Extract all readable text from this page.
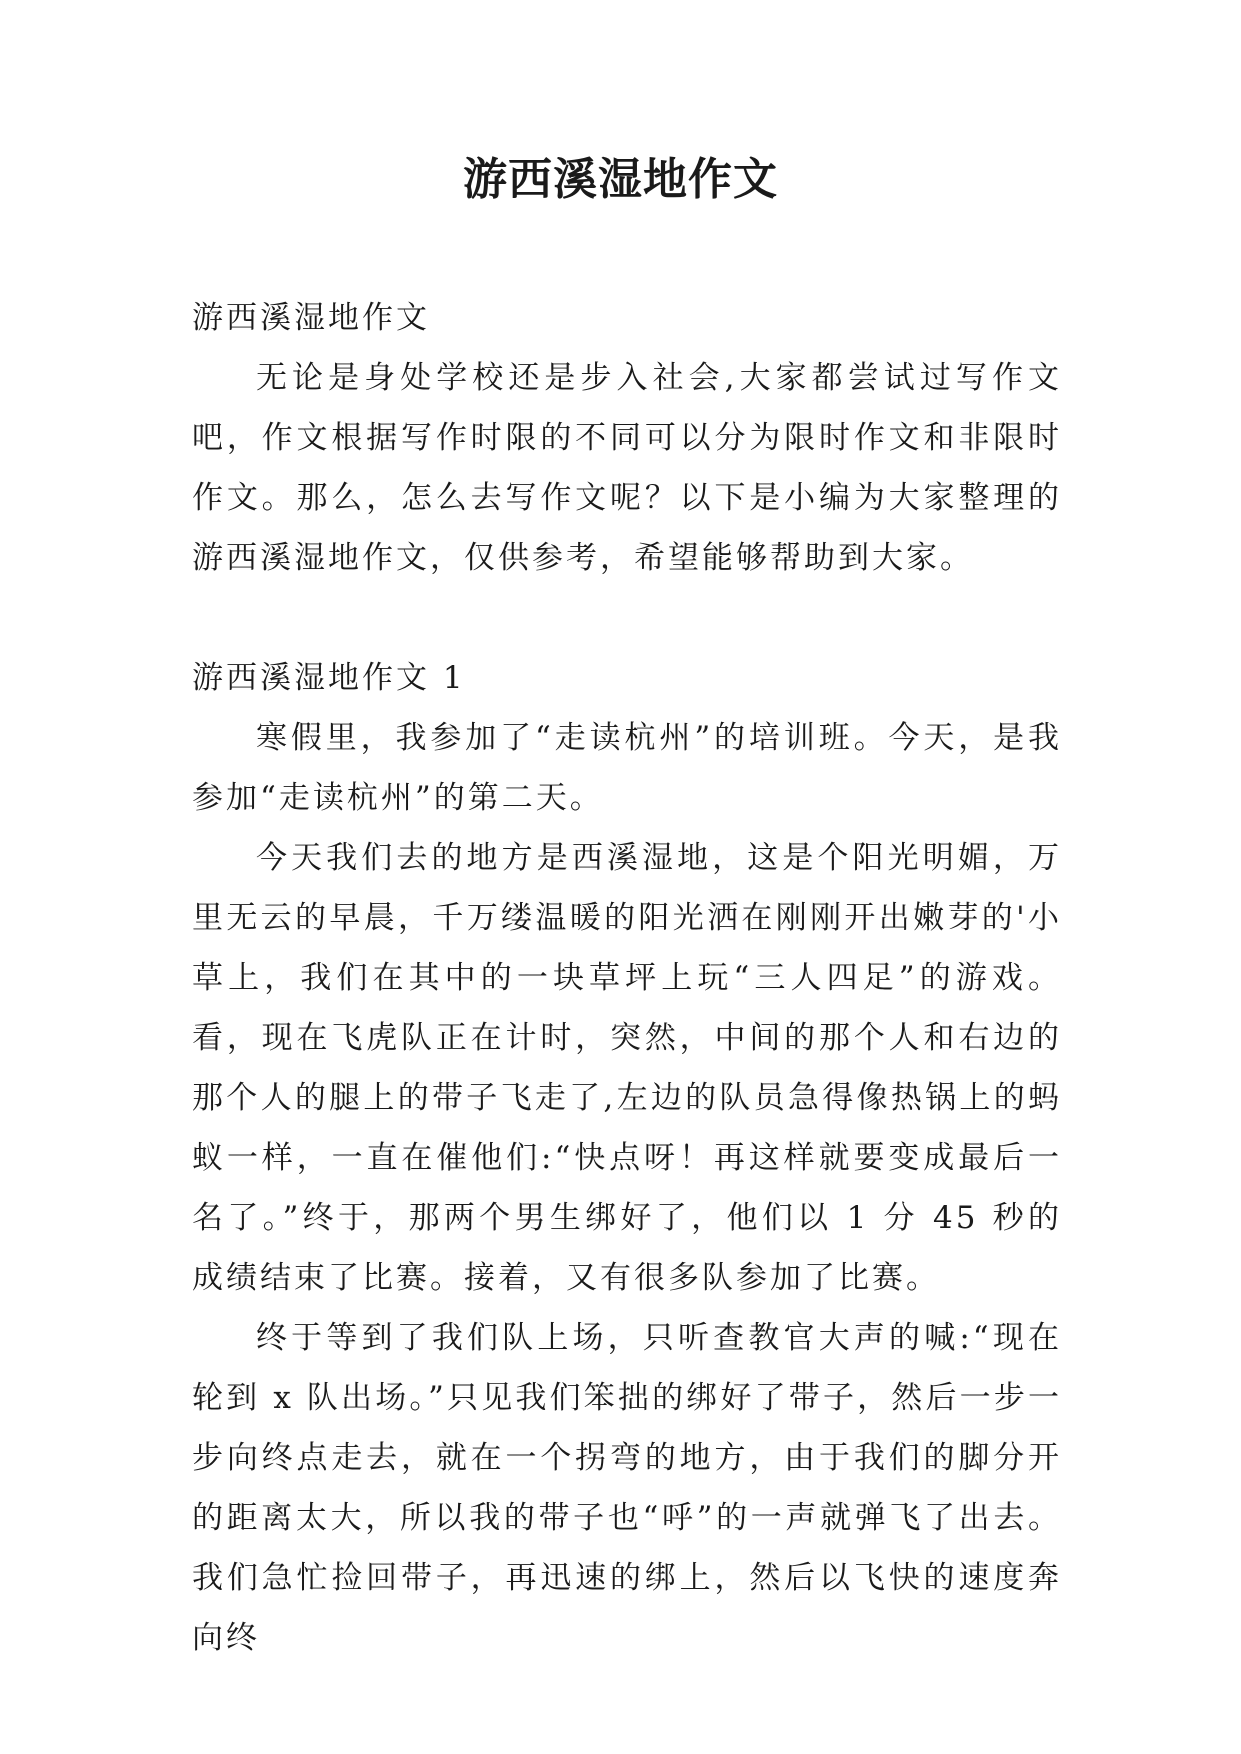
游西溪湿地作文

游西溪湿地作文

无论是身处学校还是步入社会,大家都尝试过写作文吧，作文根据写作时限的不同可以分为限时作文和非限时作文。那么，怎么去写作文呢？以下是小编为大家整理的游西溪湿地作文，仅供参考，希望能够帮助到大家。

游西溪湿地作文 1

寒假里，我参加了“走读杭州”的培训班。今天，是我参加“走读杭州”的第二天。

今天我们去的地方是西溪湿地，这是个阳光明媚，万里无云的早晨，千万缕温暖的阳光洒在刚刚开出嫩芽的'小草上，我们在其中的一块草坪上玩“三人四足”的游戏。看，现在飞虎队正在计时，突然，中间的那个人和右边的那个人的腿上的带子飞走了,左边的队员急得像热锅上的蚂蚁一样，一直在催他们:“快点呀！再这样就要变成最后一名了。”终于，那两个男生绑好了，他们以 1 分 45 秒的成绩结束了比赛。接着，又有很多队参加了比赛。

终于等到了我们队上场，只听查教官大声的喊:“现在轮到 x 队出场。”只见我们笨拙的绑好了带子，然后一步一步向终点走去，就在一个拐弯的地方，由于我们的脚分开的距离太大，所以我的带子也“呼”的一声就弹飞了出去。我们急忙捡回带子，再迅速的绑上，然后以飞快的速度奔向终
